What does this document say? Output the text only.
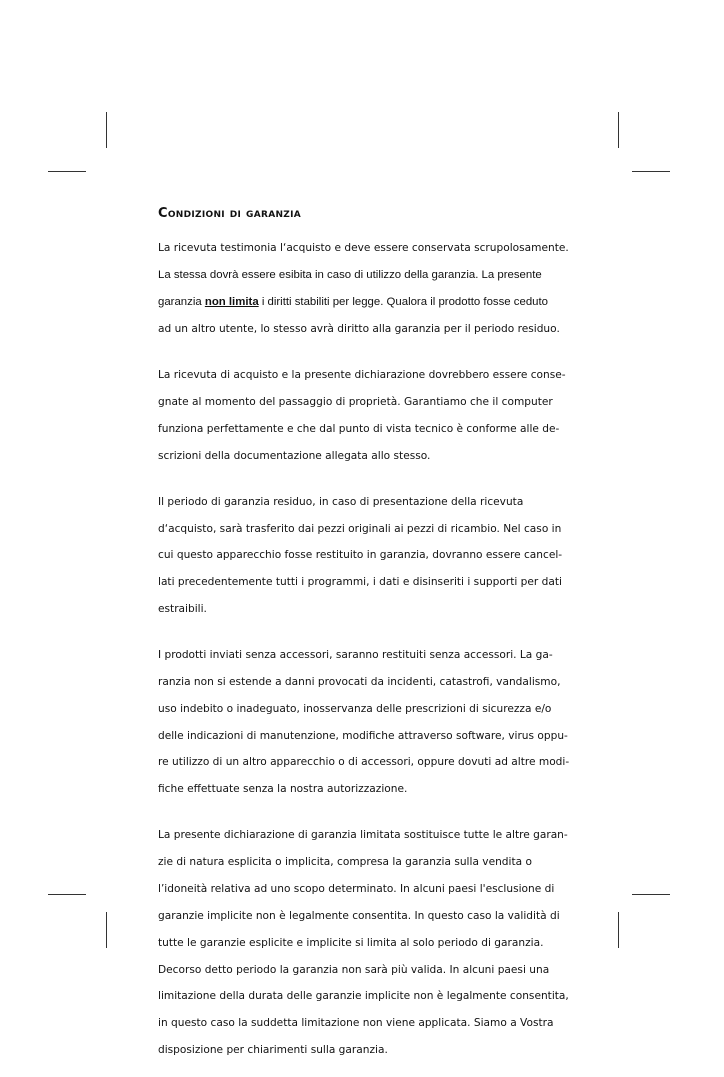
Condizioni di garanzia

La ricevuta testimonia l‘acquisto e deve essere conservata scrupolosamente.

La stessa dovrà essere esibita in caso di utilizzo della garanzia. La presente

garanzia non limita i diritti stabiliti per legge. Qualora il prodotto fosse ceduto

ad un altro utente, lo stesso avrà diritto alla garanzia per il periodo residuo.

La ricevuta di acquisto e la presente dichiarazione dovrebbero essere conse-

gnate al momento del passaggio di proprietà. Garantiamo che il computer

funziona perfettamente e che dal punto di vista tecnico è conforme alle de-

scrizioni della documentazione allegata allo stesso.

Il periodo di garanzia residuo, in caso di presentazione della ricevuta

d‘acquisto, sarà trasferito dai pezzi originali ai pezzi di ricambio. Nel caso in

cui questo apparecchio fosse restituito in garanzia, dovranno essere cancel-

lati precedentemente tutti i programmi, i dati e disinseriti i supporti per dati

estraibili.

I prodotti inviati senza accessori, saranno restituiti senza accessori. La ga-

ranzia non si estende a danni provocati da incidenti, catastrofi, vandalismo,

uso indebito o inadeguato, inosservanza delle prescrizioni di sicurezza e/o

delle indicazioni di manutenzione, modifiche attraverso software, virus oppu-

re utilizzo di un altro apparecchio o di accessori, oppure dovuti ad altre modi-

fiche effettuate senza la nostra autorizzazione.

La presente dichiarazione di garanzia limitata sostituisce tutte le altre garan-

zie di natura esplicita o implicita, compresa la garanzia sulla vendita o

l’idoneità relativa ad uno scopo determinato. In alcuni paesi l'esclusione di

garanzie implicite non è legalmente consentita. In questo caso la validità di

tutte le garanzie esplicite e implicite si limita al solo periodo di garanzia.

Decorso detto periodo la garanzia non sarà più valida. In alcuni paesi una

limitazione della durata delle garanzie implicite non è legalmente consentita,

in questo caso la suddetta limitazione non viene applicata. Siamo a Vostra

disposizione per chiarimenti sulla garanzia.
